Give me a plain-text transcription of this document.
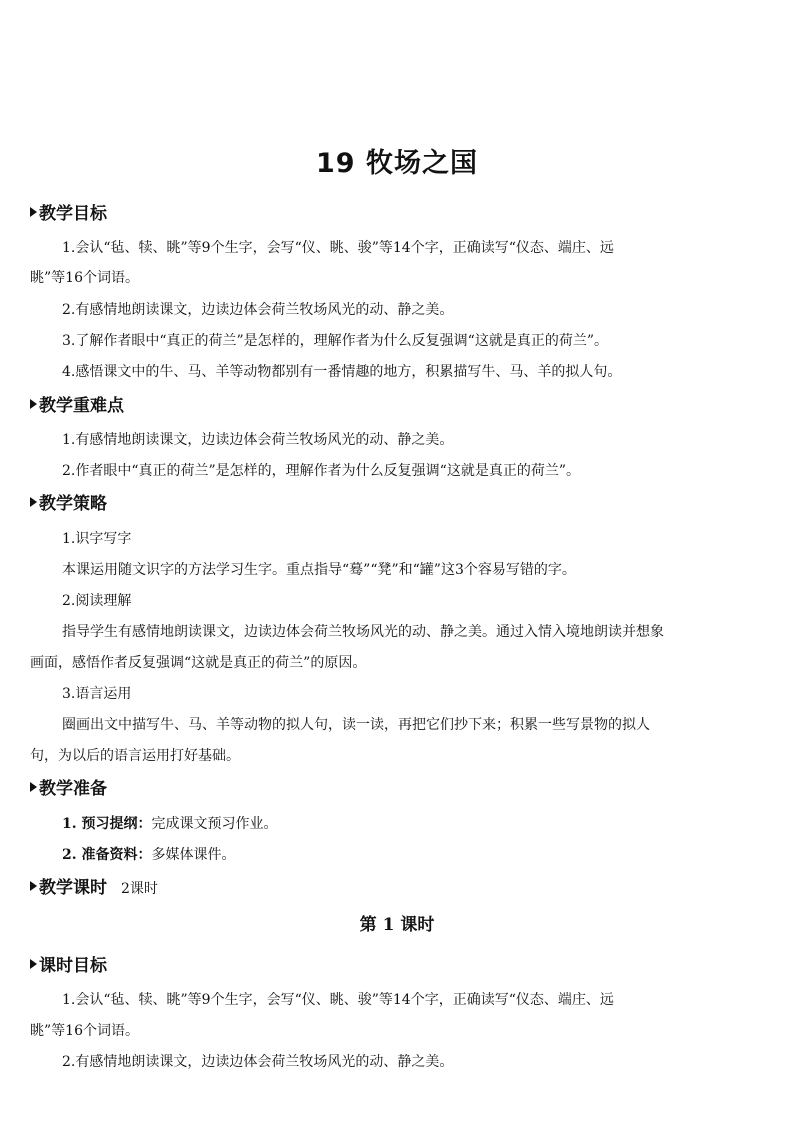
19 牧场之国
教学目标
1.会认“毡、犊、眺”等9个生字，会写“仪、眺、骏”等14个字，正确读写“仪态、端庄、远
眺”等16个词语。
2.有感情地朗读课文，边读边体会荷兰牧场风光的动、静之美。
3.了解作者眼中“真正的荷兰”是怎样的，理解作者为什么反复强调“这就是真正的荷兰”。
4.感悟课文中的牛、马、羊等动物都别有一番情趣的地方，积累描写牛、马、羊的拟人句。
教学重难点
1.有感情地朗读课文，边读边体会荷兰牧场风光的动、静之美。
2.作者眼中“真正的荷兰”是怎样的，理解作者为什么反复强调“这就是真正的荷兰”。
教学策略
1.识字写字
本课运用随文识字的方法学习生字。重点指导“蓦”“凳”和“罐”这3个容易写错的字。
2.阅读理解
指导学生有感情地朗读课文，边读边体会荷兰牧场风光的动、静之美。通过入情入境地朗读并想象
画面，感悟作者反复强调“这就是真正的荷兰”的原因。
3.语言运用
圈画出文中描写牛、马、羊等动物的拟人句，读一读，再把它们抄下来；积累一些写景物的拟人
句，为以后的语言运用打好基础。
教学准备
1. 预习提纲：完成课文预习作业。
2. 准备资料：多媒体课件。
教学课时 2课时
第 1 课时
课时目标
1.会认“毡、犊、眺”等9个生字，会写“仪、眺、骏”等14个字，正确读写“仪态、端庄、远
眺”等16个词语。
2.有感情地朗读课文，边读边体会荷兰牧场风光的动、静之美。
